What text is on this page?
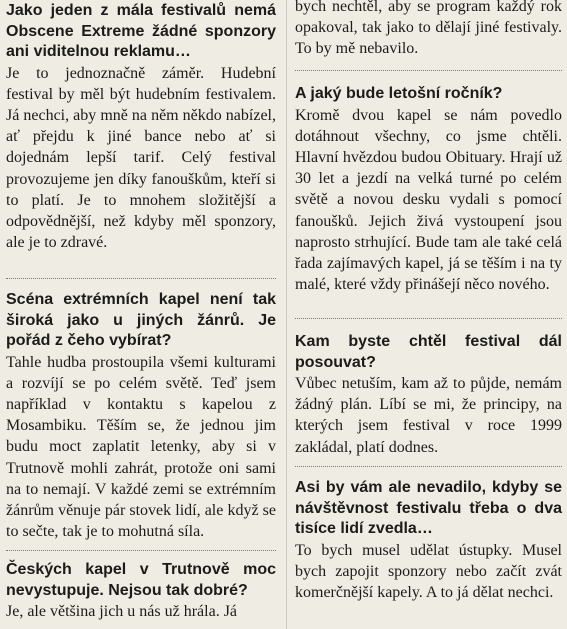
Jako jeden z mála festivalů nemá Obscene Extreme žádné sponzory ani viditelnou reklamu…

Je to jednoznačně záměr. Hudební festival by měl být hudebním festivalem. Já nechci, aby mně na něm někdo nabízel, ať přejdu k jiné bance nebo ať si dojednám lepší tarif. Celý festival provozujeme jen díky fanouškům, kteří si to platí. Je to mnohem složitější a odpovědnější, než kdyby měl sponzory, ale je to zdravé.

Scéna extrémních kapel není tak široká jako u jiných žánrů. Je pořád z čeho vybírat?

Tahle hudba prostoupila všemi kulturami a rozvíjí se po celém světě. Teď jsem například v kontaktu s kapelou z Mosambiku. Těším se, že jednou jim budu moct zaplatit letenky, aby si v Trutnově mohli zahrát, protože oni sami na to nemají. V každé zemi se extrémním žánrům věnuje pár stovek lidí, ale když se to sečte, tak je to mohutná síla.

Českých kapel v Trutnově moc nevystupuje. Nejsou tak dobré?

Je, ale většina jich u nás už hrála. Já

bych nechtěl, aby se program každý rok opakoval, tak jako to dělají jiné festivaly. To by mě nebavilo.

A jaký bude letošní ročník?

Kromě dvou kapel se nám povedlo dotáhnout všechny, co jsme chtěli. Hlavní hvězdou budou Obituary. Hrají už 30 let a jezdí na velká turné po celém světě a novou desku vydali s pomocí fanoušků. Jejich živá vystoupení jsou naprosto strhující. Bude tam ale také celá řada zajímavých kapel, já se těším i na ty malé, které vždy přinášejí něco nového.

Kam byste chtěl festival dál posouvat?

Vůbec netuším, kam až to půjde, nemám žádný plán. Líbí se mi, že principy, na kterých jsem festival v roce 1999 zakládal, platí dodnes.

Asi by vám ale nevadilo, kdyby se návštěvnost festivalu třeba o dva tisíce lidí zvedla…

To bych musel udělat ústupky. Musel bych zapojit sponzory nebo začít zvát komerčnější kapely. A to já dělat nechci.
